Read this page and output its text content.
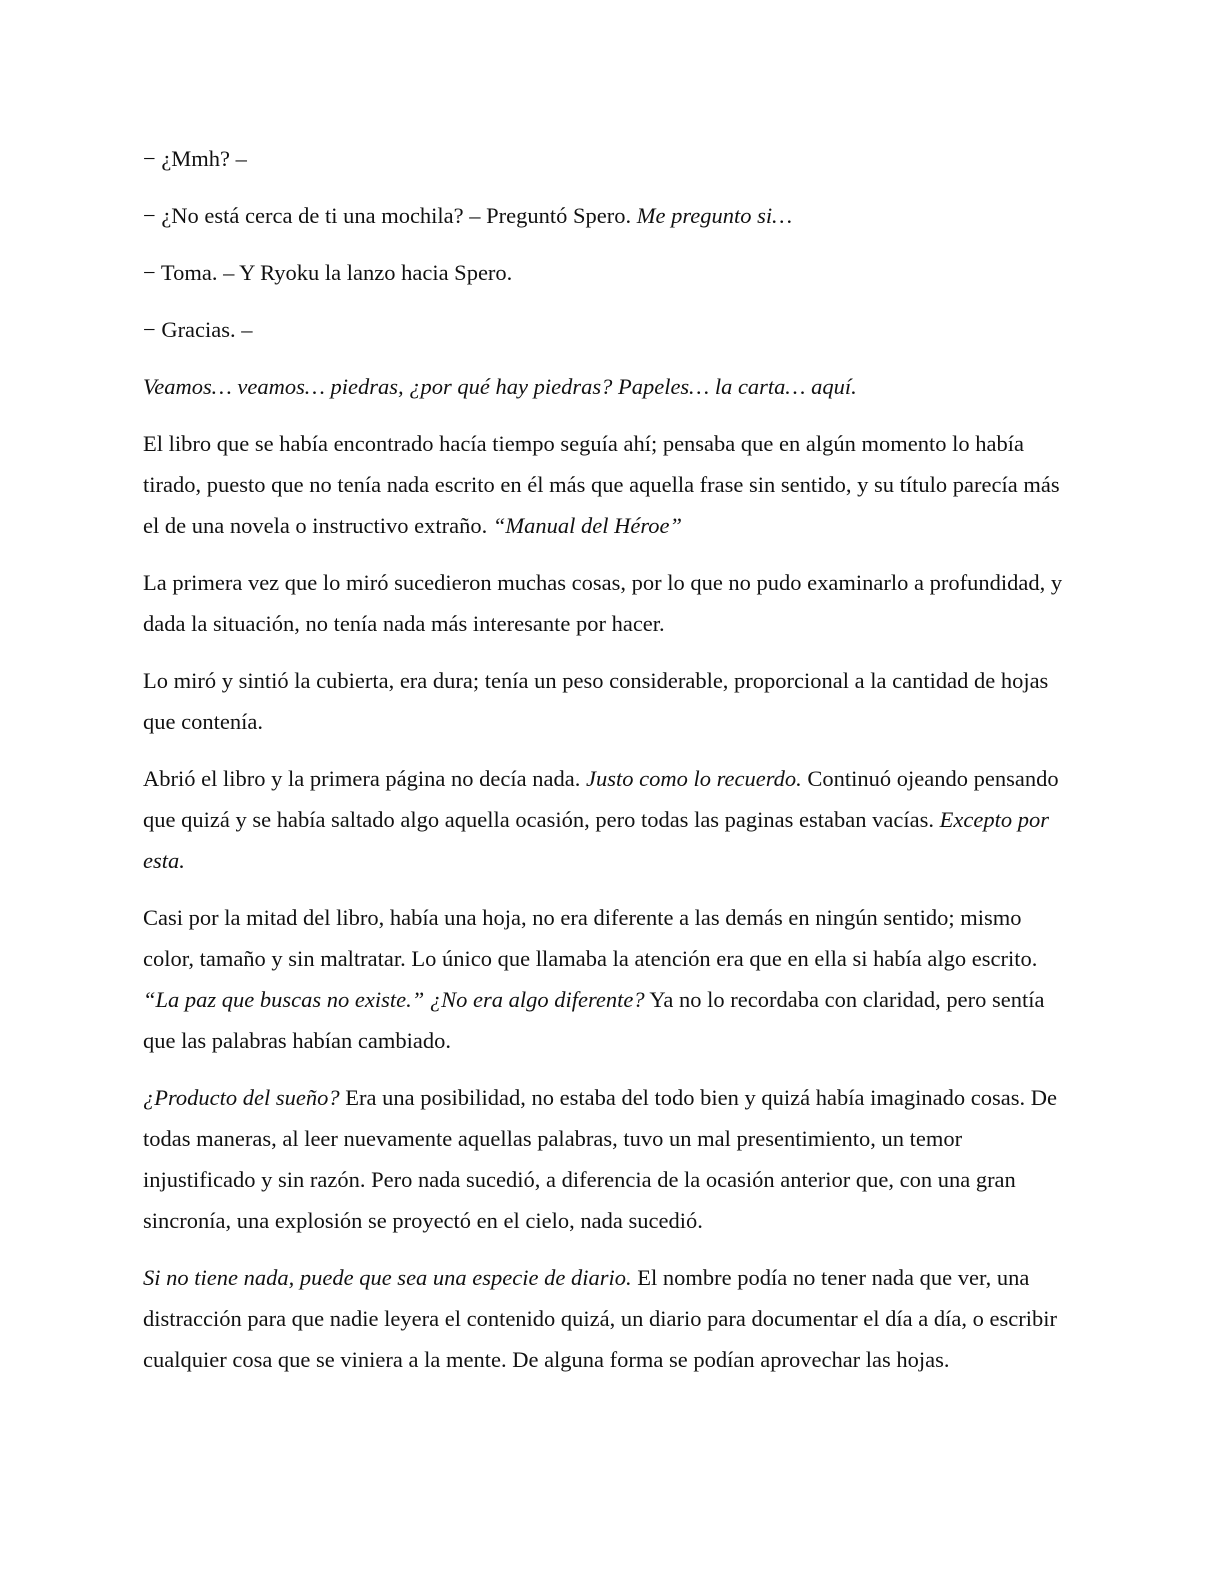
− ¿Mmh? –

− ¿No está cerca de ti una mochila? – Preguntó Spero. Me pregunto si…

− Toma. – Y Ryoku la lanzo hacia Spero.

− Gracias. –

Veamos… veamos… piedras, ¿por qué hay piedras? Papeles… la carta… aquí.

El libro que se había encontrado hacía tiempo seguía ahí; pensaba que en algún momento lo había tirado, puesto que no tenía nada escrito en él más que aquella frase sin sentido, y su título parecía más el de una novela o instructivo extraño. “Manual del Héroe”

La primera vez que lo miró sucedieron muchas cosas, por lo que no pudo examinarlo a profundidad, y dada la situación, no tenía nada más interesante por hacer.

Lo miró y sintió la cubierta, era dura; tenía un peso considerable, proporcional a la cantidad de hojas que contenía.

Abrió el libro y la primera página no decía nada. Justo como lo recuerdo. Continuó ojeando pensando que quizá y se había saltado algo aquella ocasión, pero todas las paginas estaban vacías. Excepto por esta.

Casi por la mitad del libro, había una hoja, no era diferente a las demás en ningún sentido; mismo color, tamaño y sin maltratar. Lo único que llamaba la atención era que en ella si había algo escrito. “La paz que buscas no existe.” ¿No era algo diferente? Ya no lo recordaba con claridad, pero sentía que las palabras habían cambiado.

¿Producto del sueño? Era una posibilidad, no estaba del todo bien y quizá había imaginado cosas. De todas maneras, al leer nuevamente aquellas palabras, tuvo un mal presentimiento, un temor injustificado y sin razón. Pero nada sucedió, a diferencia de la ocasión anterior que, con una gran sincronía, una explosión se proyectó en el cielo, nada sucedió.

Si no tiene nada, puede que sea una especie de diario. El nombre podía no tener nada que ver, una distracción para que nadie leyera el contenido quizá, un diario para documentar el día a día, o escribir cualquier cosa que se viniera a la mente. De alguna forma se podían aprovechar las hojas.
